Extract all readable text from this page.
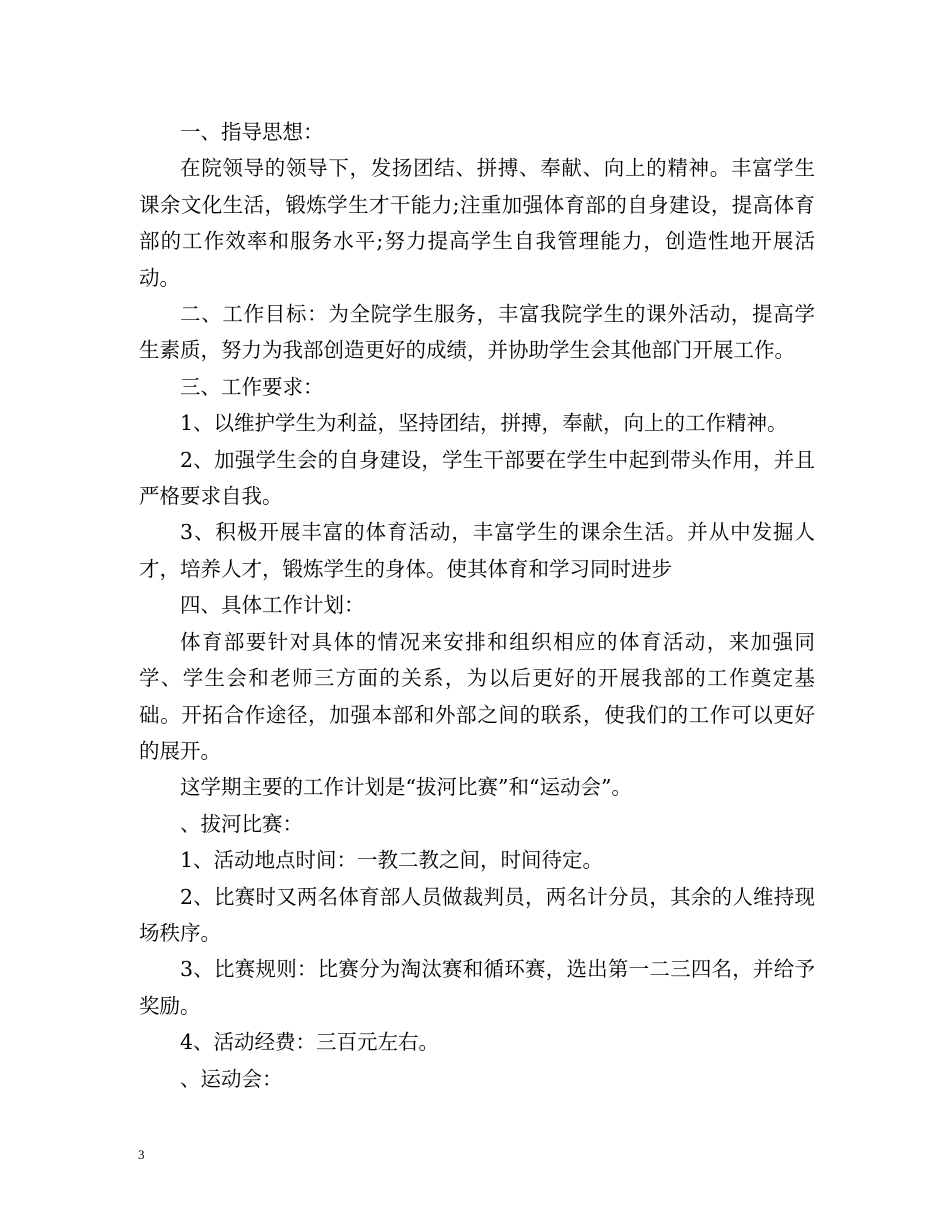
一、指导思想：

在院领导的领导下，发扬团结、拼搏、奉献、向上的精神。丰富学生课余文化生活，锻炼学生才干能力;注重加强体育部的自身建设，提高体育部的工作效率和服务水平;努力提高学生自我管理能力，创造性地开展活动。

二、工作目标：为全院学生服务，丰富我院学生的课外活动，提高学生素质，努力为我部创造更好的成绩，并协助学生会其他部门开展工作。

三、工作要求：

1、以维护学生为利益，坚持团结，拼搏，奉献，向上的工作精神。

2、加强学生会的自身建设，学生干部要在学生中起到带头作用，并且严格要求自我。

3、积极开展丰富的体育活动，丰富学生的课余生活。并从中发掘人才，培养人才，锻炼学生的身体。使其体育和学习同时进步

四、具体工作计划：

体育部要针对具体的情况来安排和组织相应的体育活动，来加强同学、学生会和老师三方面的关系，为以后更好的开展我部的工作奠定基础。开拓合作途径，加强本部和外部之间的联系，使我们的工作可以更好的展开。

这学期主要的工作计划是“拔河比赛”和“运动会”。

、拔河比赛：

1、活动地点时间：一教二教之间，时间待定。

2、比赛时又两名体育部人员做裁判员，两名计分员，其余的人维持现场秩序。

3、比赛规则：比赛分为淘汰赛和循环赛，选出第一二三四名，并给予奖励。

4、活动经费：三百元左右。

、运动会：

3
